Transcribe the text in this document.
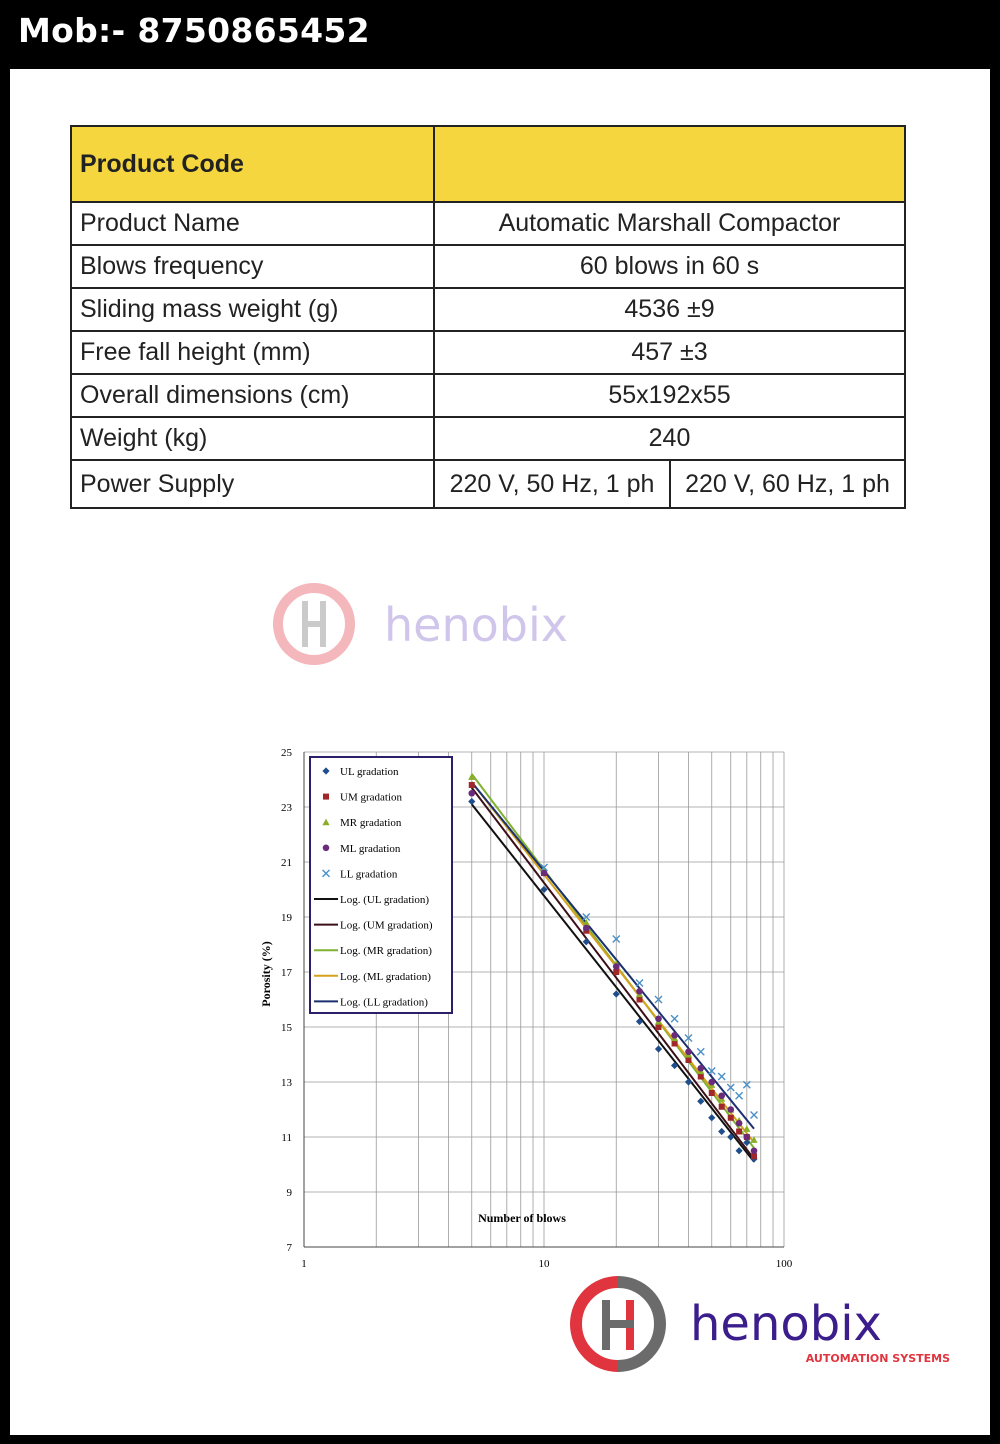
Mob:- 8750865452
Product Code		
Product Name	Automatic Marshall Compactor	
Blows frequency	60 blows in 60 s	
Sliding mass weight (g)	4536 ±9	
Free fall height (mm)	457 ±3	
Overall dimensions (cm)	55x192x55	
Weight (kg)	240	
Power Supply	220 V, 50 Hz, 1 ph	220 V, 60 Hz, 1 ph
henobix
7
9
11
13
15
17
19
21
23
25
1	10	100
UL gradation
UM gradation
MR gradation
ML gradation
LL gradation
Log. (UL gradation)
Log. (UM gradation)
Log. (MR gradation)
Log. (ML gradation)
Log. (LL gradation)
Number of blows
Porosity (%)
henobix
AUTOMATION SYSTEMS
